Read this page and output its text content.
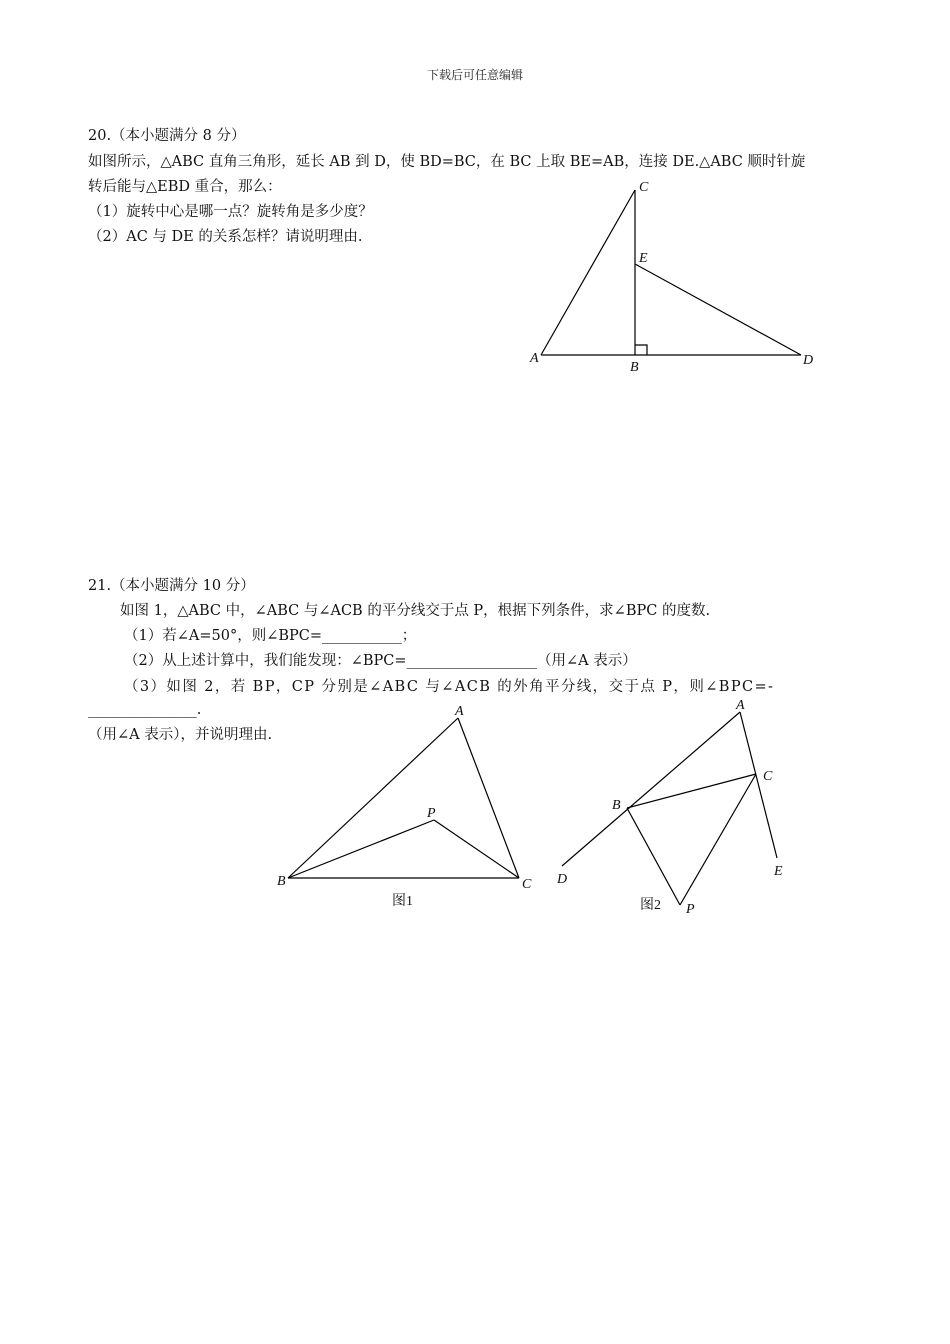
下载后可任意编辑
20.（本小题满分 8 分）
如图所示，△ABC 直角三角形，延长 AB 到 D，使 BD=BC，在 BC 上取 BE=AB，连接 DE.△ABC 顺时针旋
转后能与△EBD 重合，那么：
（1）旋转中心是哪一点？旋转角是多少度？
（2）AC 与 DE 的关系怎样？请说明理由.
C
E
A
B	D
21.（本小题满分 10 分）
如图 1，△ABC 中，∠ABC 与∠ACB 的平分线交于点 P，根据下列条件，求∠BPC 的度数.
（1）若∠A=50°，则∠BPC=___________；
（2）从上述计算中，我们能发现：∠BPC=__________________（用∠A 表示）
（3）如图 2，若 BP，CP 分别是∠ABC 与∠ACB 的外角平分线，交于点 P，则∠BPC=-
_______________.
（用∠A 表示），并说明理由.
A
P
B	C
图1
A
C
B
D
E
P
图2
